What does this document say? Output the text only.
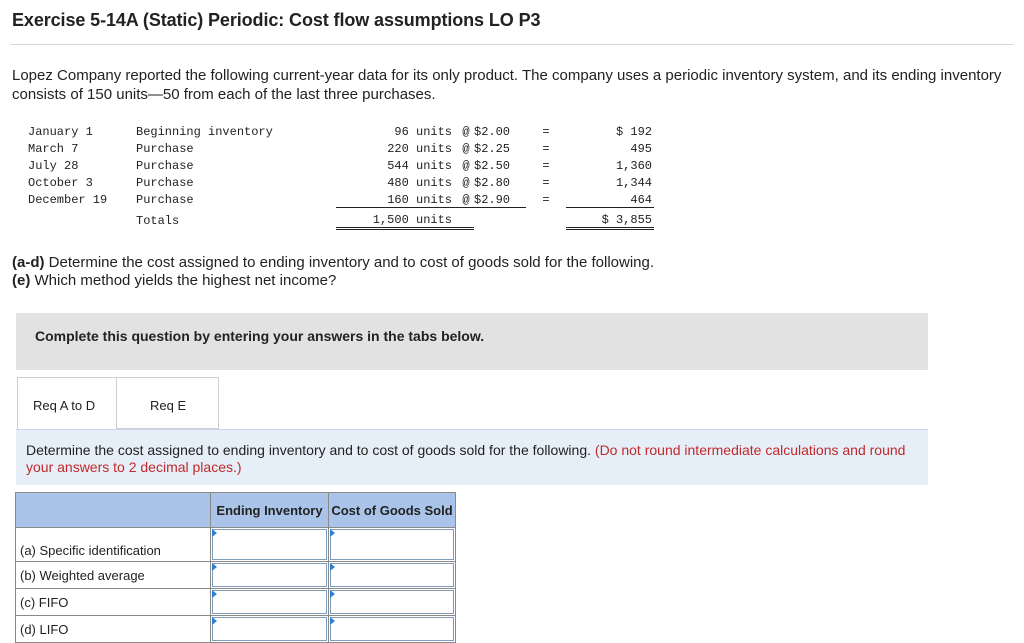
Exercise 5-14A (Static) Periodic: Cost flow assumptions LO P3
Lopez Company reported the following current-year data for its only product. The company uses a periodic inventory system, and its ending inventory consists of 150 units—50 from each of the last three purchases.
January 1	Beginning inventory	96 units	@	$2.00	=	$ 192
March 7	Purchase	220 units	@	$2.25	=	495
July 28	Purchase	544 units	@	$2.50	=	1,360
October 3	Purchase	480 units	@	$2.80	=	1,344
December 19	Purchase	160 units	@	$2.90	=	464
	Totals	1,500 units				$ 3,855
(a-d) Determine the cost assigned to ending inventory and to cost of goods sold for the following.
(e) Which method yields the highest net income?
Complete this question by entering your answers in the tabs below.
Req A to D	Req E

Determine the cost assigned to ending inventory and to cost of goods sold for the following. (Do not round intermediate calculations and round your answers to 2 decimal places.)

	Ending Inventory	Cost of Goods Sold
(a) Specific identification	

(b) Weighted average	

(c) FIFO	

(d) LIFO	
